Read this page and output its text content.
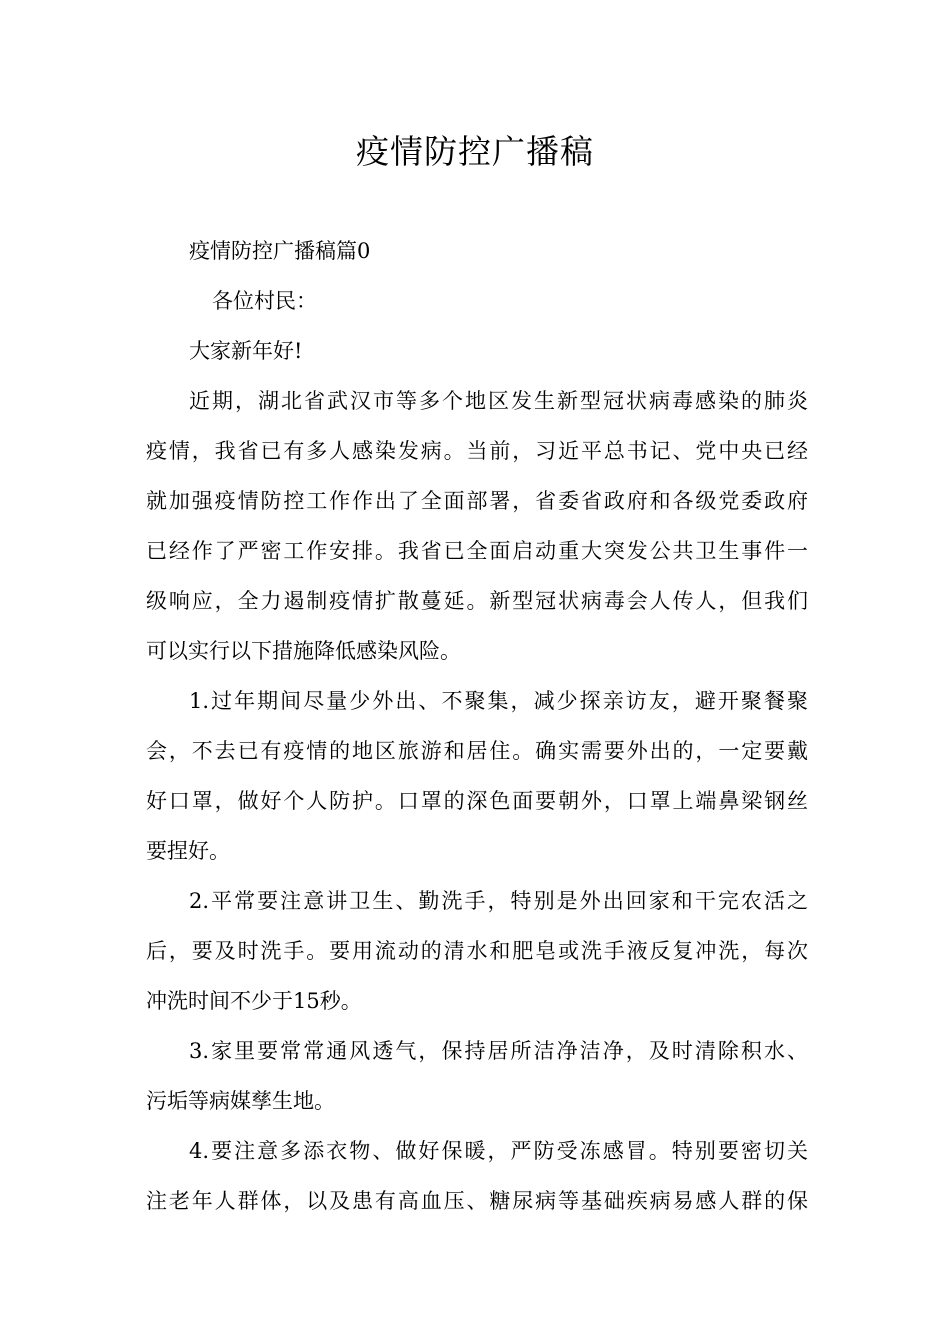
疫情防控广播稿
疫情防控广播稿篇0
各位村民：
大家新年好!
近期，湖北省武汉市等多个地区发生新型冠状病毒感染的肺炎
疫情，我省已有多人感染发病。当前，习近平总书记、党中央已经
就加强疫情防控工作作出了全面部署，省委省政府和各级党委政府
已经作了严密工作安排。我省已全面启动重大突发公共卫生事件一
级响应，全力遏制疫情扩散蔓延。新型冠状病毒会人传人，但我们
可以实行以下措施降低感染风险。
1.过年期间尽量少外出、不聚集，减少探亲访友，避开聚餐聚
会，不去已有疫情的地区旅游和居住。确实需要外出的，一定要戴
好口罩，做好个人防护。口罩的深色面要朝外，口罩上端鼻梁钢丝
要捏好。
2.平常要注意讲卫生、勤洗手，特别是外出回家和干完农活之
后，要及时洗手。要用流动的清水和肥皂或洗手液反复冲洗，每次
冲洗时间不少于15秒。
3.家里要常常通风透气，保持居所洁净洁净，及时清除积水、
污垢等病媒孳生地。
4.要注意多添衣物、做好保暖，严防受冻感冒。特别要密切关
注老年人群体，以及患有高血压、糖尿病等基础疾病易感人群的保
